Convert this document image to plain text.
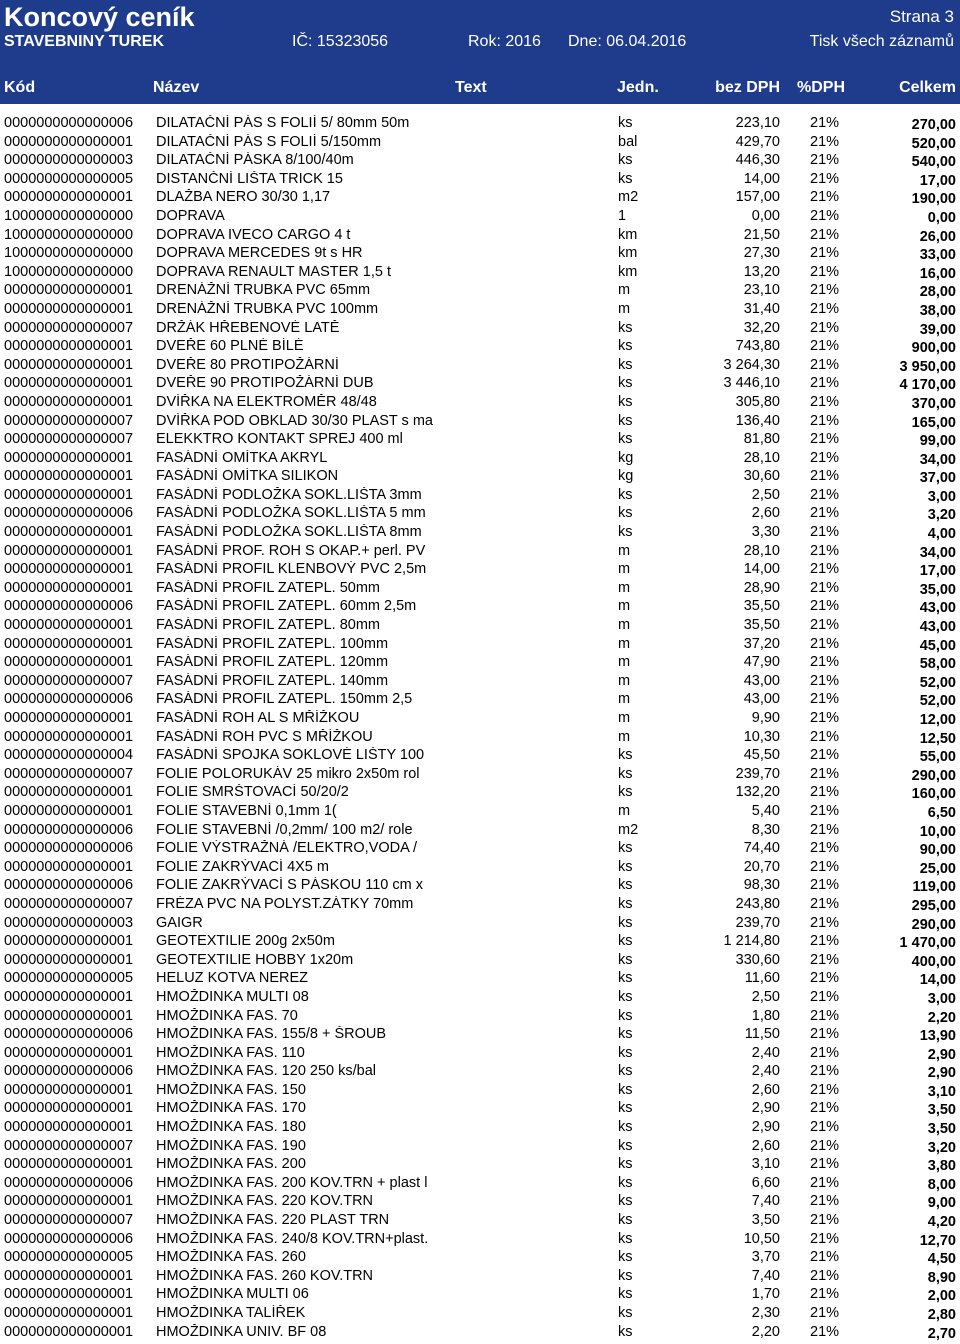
Koncový ceník	Strana 3
STAVEBNINY TUREK	IČ: 15323056	Rok: 2016 Dne: 06.04.2016	Tisk všech záznamů
Kód	Název	Text	Jedn.	bez DPH %DPH	Celkem
0000000000000006	DILATAČNÍ PÁS S FOLIÍ 5/ 80mm 50m	ks	223,10 21%	270,00
0000000000000001	DILATAČNÍ PÁS S FOLIÍ 5/150mm	bal	429,70 21%	520,00
0000000000000003	DILATAČNÍ PÁSKA 8/100/40m	ks	446,30 21%	540,00
0000000000000005	DISTANČNÍ LIŠTA TRICK 15	ks	14,00 21%	17,00
0000000000000001	DLAŽBA NERO 30/30 1,17	m2	157,00 21%	190,00
1000000000000000	DOPRAVA	1	0,00 21%	0,00
1000000000000000	DOPRAVA IVECO CARGO 4 t	km	21,50 21%	26,00
1000000000000000	DOPRAVA MERCEDES 9t s HR	km	27,30 21%	33,00
1000000000000000	DOPRAVA RENAULT MASTER 1,5 t	km	13,20 21%	16,00
0000000000000001	DRENÁŽNÍ TRUBKA PVC 65mm	m	23,10 21%	28,00
0000000000000001	DRENÁŽNÍ TRUBKA PVC 100mm	m	31,40 21%	38,00
0000000000000007	DRŽÁK HŘEBENOVÉ LATĚ	ks	32,20 21%	39,00
0000000000000001	DVEŘE 60 PLNÉ BÍLÉ	ks	743,80 21%	900,00
0000000000000001	DVEŘE 80 PROTIPOŽÁRNÍ	ks	3 264,30 21%	3 950,00
0000000000000001	DVEŘE 90 PROTIPOŽÁRNÍ DUB	ks	3 446,10 21%	4 170,00
0000000000000001	DVÍŘKA NA ELEKTROMĚR 48/48	ks	305,80 21%	370,00
0000000000000007	DVÍŘKA POD OBKLAD 30/30 PLAST s ma	ks	136,40 21%	165,00
0000000000000007	ELEKKTRO KONTAKT SPREJ 400 ml	ks	81,80 21%	99,00
0000000000000001	FASÁDNÍ OMÍTKA AKRYL	kg	28,10 21%	34,00
0000000000000001	FASÁDNÍ OMÍTKA SILIKON	kg	30,60 21%	37,00
0000000000000001	FASÁDNÍ PODLOŽKA SOKL.LIŠTA 3mm	ks	2,50 21%	3,00
0000000000000006	FASÁDNÍ PODLOŽKA SOKL.LIŠTA 5 mm	ks	2,60 21%	3,20
0000000000000001	FASÁDNÍ PODLOŽKA SOKL.LIŠTA 8mm	ks	3,30 21%	4,00
0000000000000001	FASÁDNÍ PROF. ROH S OKAP.+ perl. PV	m	28,10 21%	34,00
0000000000000001	FASÁDNÍ PROFIL KLENBOVÝ PVC 2,5m	m	14,00 21%	17,00
0000000000000001	FASÁDNÍ PROFIL ZATEPL. 50mm	m	28,90 21%	35,00
0000000000000006	FASÁDNÍ PROFIL ZATEPL. 60mm 2,5m	m	35,50 21%	43,00
0000000000000001	FASÁDNÍ PROFIL ZATEPL. 80mm	m	35,50 21%	43,00
0000000000000001	FASÁDNÍ PROFIL ZATEPL. 100mm	m	37,20 21%	45,00
0000000000000001	FASÁDNÍ PROFIL ZATEPL. 120mm	m	47,90 21%	58,00
0000000000000007	FASÁDNÍ PROFIL ZATEPL. 140mm	m	43,00 21%	52,00
0000000000000006	FASÁDNÍ PROFIL ZATEPL. 150mm 2,5	m	43,00 21%	52,00
0000000000000001	FASÁDNÍ ROH AL S MŘÍŽKOU	m	9,90 21%	12,00
0000000000000001	FASÁDNÍ ROH PVC S MŘÍŽKOU	m	10,30 21%	12,50
0000000000000004	FASÁDNÍ SPOJKA SOKLOVÉ LIŠTY 100	ks	45,50 21%	55,00
0000000000000007	FOLIE POLORUKÁV 25 mikro 2x50m rol	ks	239,70 21%	290,00
0000000000000001	FOLIE SMRŠTOVACÍ 50/20/2	ks	132,20 21%	160,00
0000000000000001	FOLIE STAVEBNÍ 0,1mm 1(	m	5,40 21%	6,50
0000000000000006	FOLIE STAVEBNÍ /0,2mm/ 100 m2/ role	m2	8,30 21%	10,00
0000000000000006	FOLIE VÝSTRAŽNÁ /ELEKTRO,VODA /	ks	74,40 21%	90,00
0000000000000001	FOLIE ZAKRÝVACÍ 4X5 m	ks	20,70 21%	25,00
0000000000000006	FOLIE ZAKRÝVACÍ S PÁSKOU 110 cm x	ks	98,30 21%	119,00
0000000000000007	FRÉZA PVC NA POLYST.ZÁTKY 70mm	ks	243,80 21%	295,00
0000000000000003	GAIGR	ks	239,70 21%	290,00
0000000000000001	GEOTEXTILIE 200g 2x50m	ks	1 214,80 21%	1 470,00
0000000000000001	GEOTEXTILIE HOBBY 1x20m	ks	330,60 21%	400,00
0000000000000005	HELUZ KOTVA NEREZ	ks	11,60 21%	14,00
0000000000000001	HMOŽDINKA MULTI 08	ks	2,50 21%	3,00
0000000000000001	HMOŽDINKA FAS. 70	ks	1,80 21%	2,20
0000000000000006	HMOŽDINKA FAS. 155/8 + ŠROUB	ks	11,50 21%	13,90
0000000000000001	HMOŽDINKA FAS. 110	ks	2,40 21%	2,90
0000000000000006	HMOŽDINKA FAS. 120 250 ks/bal	ks	2,40 21%	2,90
0000000000000001	HMOŽDINKA FAS. 150	ks	2,60 21%	3,10
0000000000000001	HMOŽDINKA FAS. 170	ks	2,90 21%	3,50
0000000000000001	HMOŽDINKA FAS. 180	ks	2,90 21%	3,50
0000000000000007	HMOŽDINKA FAS. 190	ks	2,60 21%	3,20
0000000000000001	HMOŽDINKA FAS. 200	ks	3,10 21%	3,80
0000000000000006	HMOŽDINKA FAS. 200 KOV.TRN + plast l	ks	6,60 21%	8,00
0000000000000001	HMOŽDINKA FAS. 220 KOV.TRN	ks	7,40 21%	9,00
0000000000000007	HMOŽDINKA FAS. 220 PLAST TRN	ks	3,50 21%	4,20
0000000000000006	HMOŽDINKA FAS. 240/8 KOV.TRN+plast.	ks	10,50 21%	12,70
0000000000000005	HMOŽDINKA FAS. 260	ks	3,70 21%	4,50
0000000000000001	HMOŽDINKA FAS. 260 KOV.TRN	ks	7,40 21%	8,90
0000000000000001	HMOŽDINKA MULTI 06	ks	1,70 21%	2,00
0000000000000001	HMOŽDINKA TALÍŘEK	ks	2,30 21%	2,80
0000000000000001	HMOŽDINKA UNIV. BF 08	ks	2,20 21%	2,70
